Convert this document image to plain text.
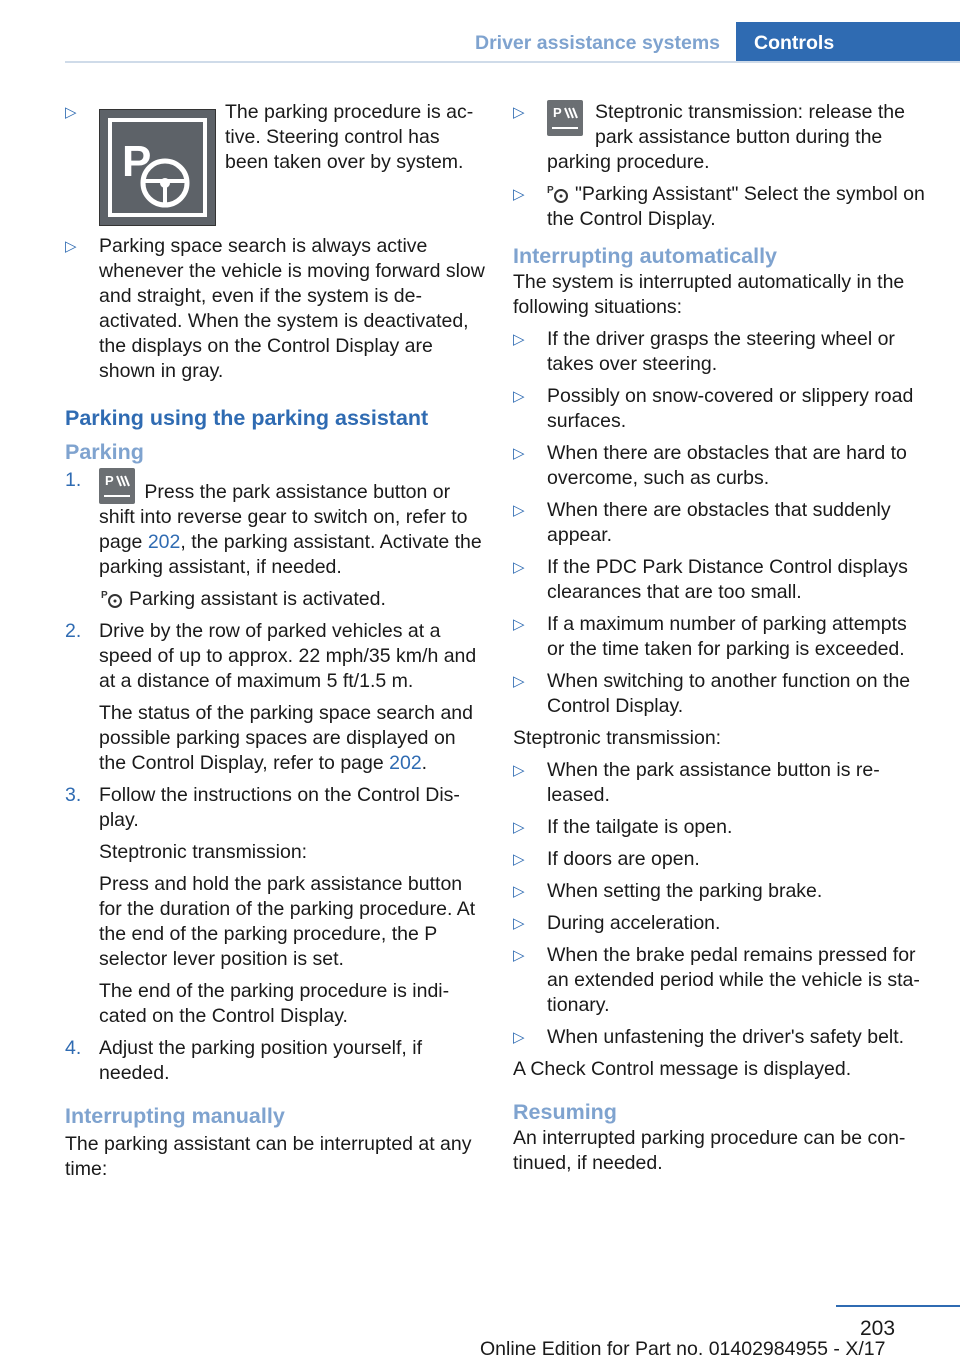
Driver assistance systems Controls
▷
P
The parking procedure is ac-
tive. Steering control has
been taken over by system.
▷ Parking space search is always active whenever the vehicle is moving forward slow and straight, even if the system is de-activated. When the system is deactivated, the displays on the Control Display are shown in gray.
Parking using the parking assistant
Parking
1. P
Press the park assistance button or shift into reverse gear to switch on, refer to page 202, the parking assistant. Activate the parking assistant, if needed.

P Parking assistant is activated.

2. Drive by the row of parked vehicles at a speed of up to approx. 22 mph/35 km/h and at a distance of maximum 5 ft/1.5 m.

The status of the parking space search and possible parking spaces are displayed on the Control Display, refer to page 202.

3. Follow the instructions on the Control Dis-play.

Steptronic transmission:

Press and hold the park assistance button for the duration of the parking procedure. At the end of the parking procedure, the P selector lever position is set.

The end of the parking procedure is indi-cated on the Control Display.

4. Adjust the parking position yourself, if needed.

Interrupting manually

The parking assistant can be interrupted at any time:

▷ P Steptronic transmission: release the park assistance button during the parking procedure.
▷ P "Parking Assistant" Select the symbol on the Control Display.
Interrupting automatically

The system is interrupted automatically in the following situations:

▷ If the driver grasps the steering wheel or takes over steering.
▷ Possibly on snow-covered or slippery road surfaces.
▷ When there are obstacles that are hard to overcome, such as curbs.
▷ When there are obstacles that suddenly appear.
▷ If the PDC Park Distance Control displays clearances that are too small.
▷ If a maximum number of parking attempts or the time taken for parking is exceeded.
▷ When switching to another function on the Control Display.

Steptronic transmission:

▷ When the park assistance button is re-leased.
▷ If the tailgate is open.
▷ If doors are open.
▷ When setting the parking brake.
▷ During acceleration.
▷ When the brake pedal remains pressed for an extended period while the vehicle is sta-tionary.
▷ When unfastening the driver's safety belt.

A Check Control message is displayed.

Resuming

An interrupted parking procedure can be con-tinued, if needed.

203
Online Edition for Part no. 01402984955 - X/17
